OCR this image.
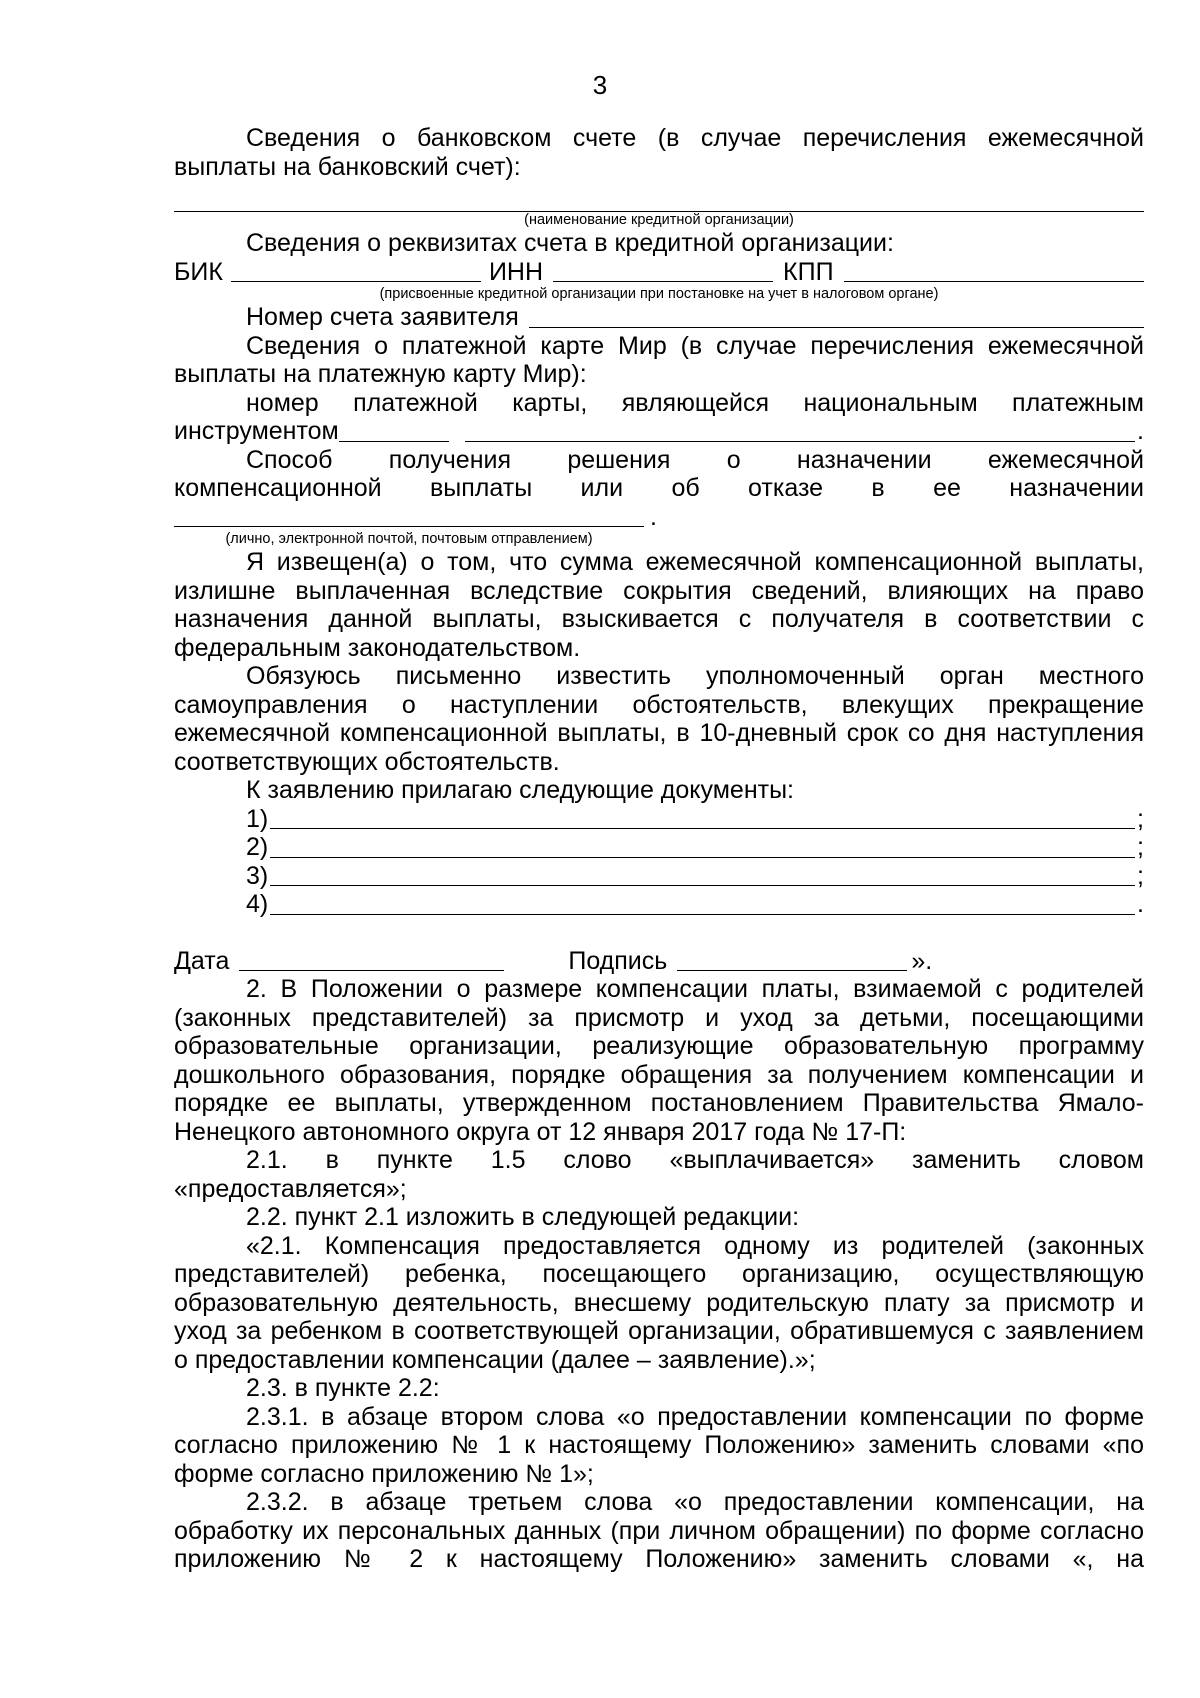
3

Сведения о банковском счете (в случае перечисления ежемесячной выплаты на банковский счет):

(наименование кредитной организации)

Сведения о реквизитах счета в кредитной организации:

БИК	ИНН	КПП
(присвоенные кредитной организации при постановке на учет в налоговом органе)
Номер счета заявителя

Сведения о платежной карте Мир (в случае перечисления ежемесячной выплаты на платежную карту Мир):

номер платежной карты, являющейся национальным платежным

инструментом	.

Способ получения решения о назначении ежемесячной

компенсационной выплаты или об отказе в ее назначении

.
(лично, электронной почтой, почтовым отправлением)

Я извещен(а) о том, что сумма ежемесячной компенсационной выплаты, излишне выплаченная вследствие сокрытия сведений, влияющих на право назначения данной выплаты, взыскивается с получателя в соответствии с федеральным законодательством.

Обязуюсь письменно известить уполномоченный орган местного самоуправления о наступлении обстоятельств, влекущих прекращение ежемесячной компенсационной выплаты, в 10-дневный срок со дня наступления соответствующих обстоятельств.

К заявлению прилагаю следующие документы:

1)	;
2)	;
3)	;
4)	.
Дата	Подпись	».

2. В Положении о размере компенсации платы, взимаемой с родителей (законных представителей) за присмотр и уход за детьми, посещающими образовательные организации, реализующие образовательную программу дошкольного образования, порядке обращения за получением компенсации и порядке ее выплаты, утвержденном постановлением Правительства Ямало-Ненецкого автономного округа от 12 января 2017 года № 17-П:

2.1. в пункте 1.5 слово «выплачивается» заменить словом «предоставляется»;

2.2. пункт 2.1 изложить в следующей редакции:

«2.1. Компенсация предоставляется одному из родителей (законных представителей) ребенка, посещающего организацию, осуществляющую образовательную деятельность, внесшему родительскую плату за присмотр и уход за ребенком в соответствующей организации, обратившемуся с заявлением о предоставлении компенсации (далее – заявление).»;

2.3. в пункте 2.2:

2.3.1. в абзаце втором слова «о предоставлении компенсации по форме согласно приложению № 1 к настоящему Положению» заменить словами «по форме согласно приложению № 1»;

2.3.2. в абзаце третьем слова «о предоставлении компенсации, на обработку их персональных данных (при личном обращении) по форме согласно приложению № 2 к настоящему Положению» заменить словами «, на
